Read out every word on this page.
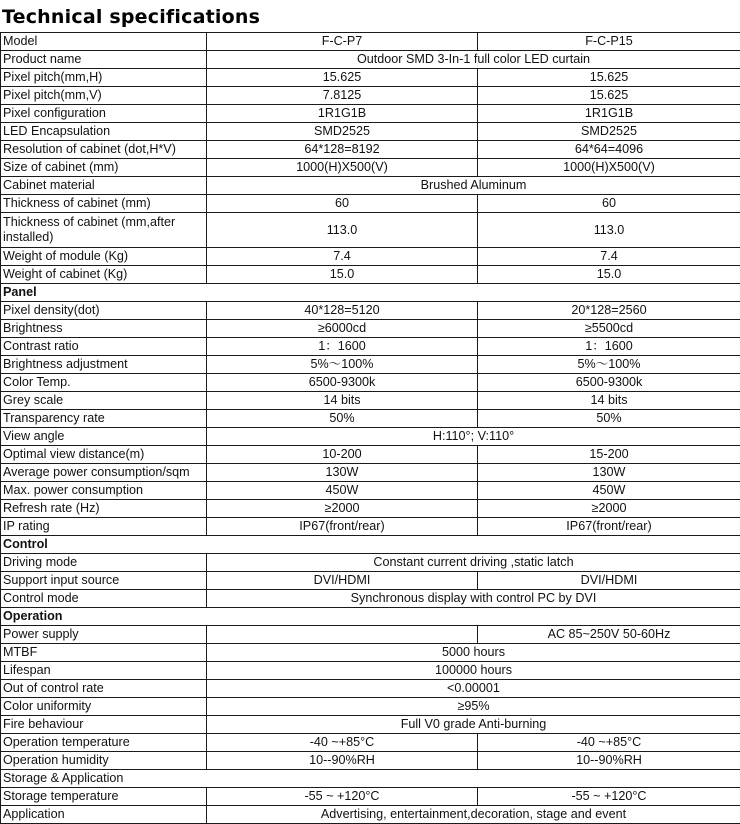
Technical specifications
Model	F-C-P7	F-C-P15
Product name	Outdoor SMD 3-In-1 full color LED curtain	
Pixel pitch(mm,H)	15.625	15.625
Pixel pitch(mm,V)	7.8125	15.625
Pixel configuration	1R1G1B	1R1G1B
LED Encapsulation	SMD2525	SMD2525
Resolution of cabinet (dot,H*V)	64*128=8192	64*64=4096
Size of cabinet (mm)	1000(H)X500(V)	1000(H)X500(V)
Cabinet material	Brushed Aluminum	
Thickness of cabinet (mm)	60	60
Thickness of cabinet (mm,after installed)	113.0	113.0
Weight of module (Kg)	7.4	7.4
Weight of cabinet (Kg)	15.0	15.0
Panel		
Pixel density(dot)	40*128=5120	20*128=2560
Brightness	≥6000cd	≥5500cd
Contrast ratio	1：1600	1：1600
Brightness adjustment	5%～100%	5%～100%
Color Temp.	6500-9300k	6500-9300k
Grey scale	14 bits	14 bits
Transparency rate	50%	50%
View angle	H:110°; V:110°	
Optimal view distance(m)	10-200	15-200
Average power consumption/sqm	130W	130W
Max. power consumption	450W	450W
Refresh rate (Hz)	≥2000	≥2000
IP rating	IP67(front/rear)	IP67(front/rear)
Control		
Driving mode	Constant current driving ,static latch	
Support input source	DVI/HDMI	DVI/HDMI
Control mode	Synchronous display with control PC by DVI	
Operation		
Power supply		AC 85~250V 50-60Hz
MTBF	5000 hours	
Lifespan	100000 hours	
Out of control rate	<0.00001	
Color uniformity	≥95%	
Fire behaviour	Full V0 grade Anti-burning	
Operation temperature	-40 ~+85°C	-40 ~+85°C
Operation humidity	10--90%RH	10--90%RH
Storage & Application		
Storage temperature	-55 ~ +120°C	-55 ~ +120°C
Application	Advertising, entertainment,decoration, stage and event	
